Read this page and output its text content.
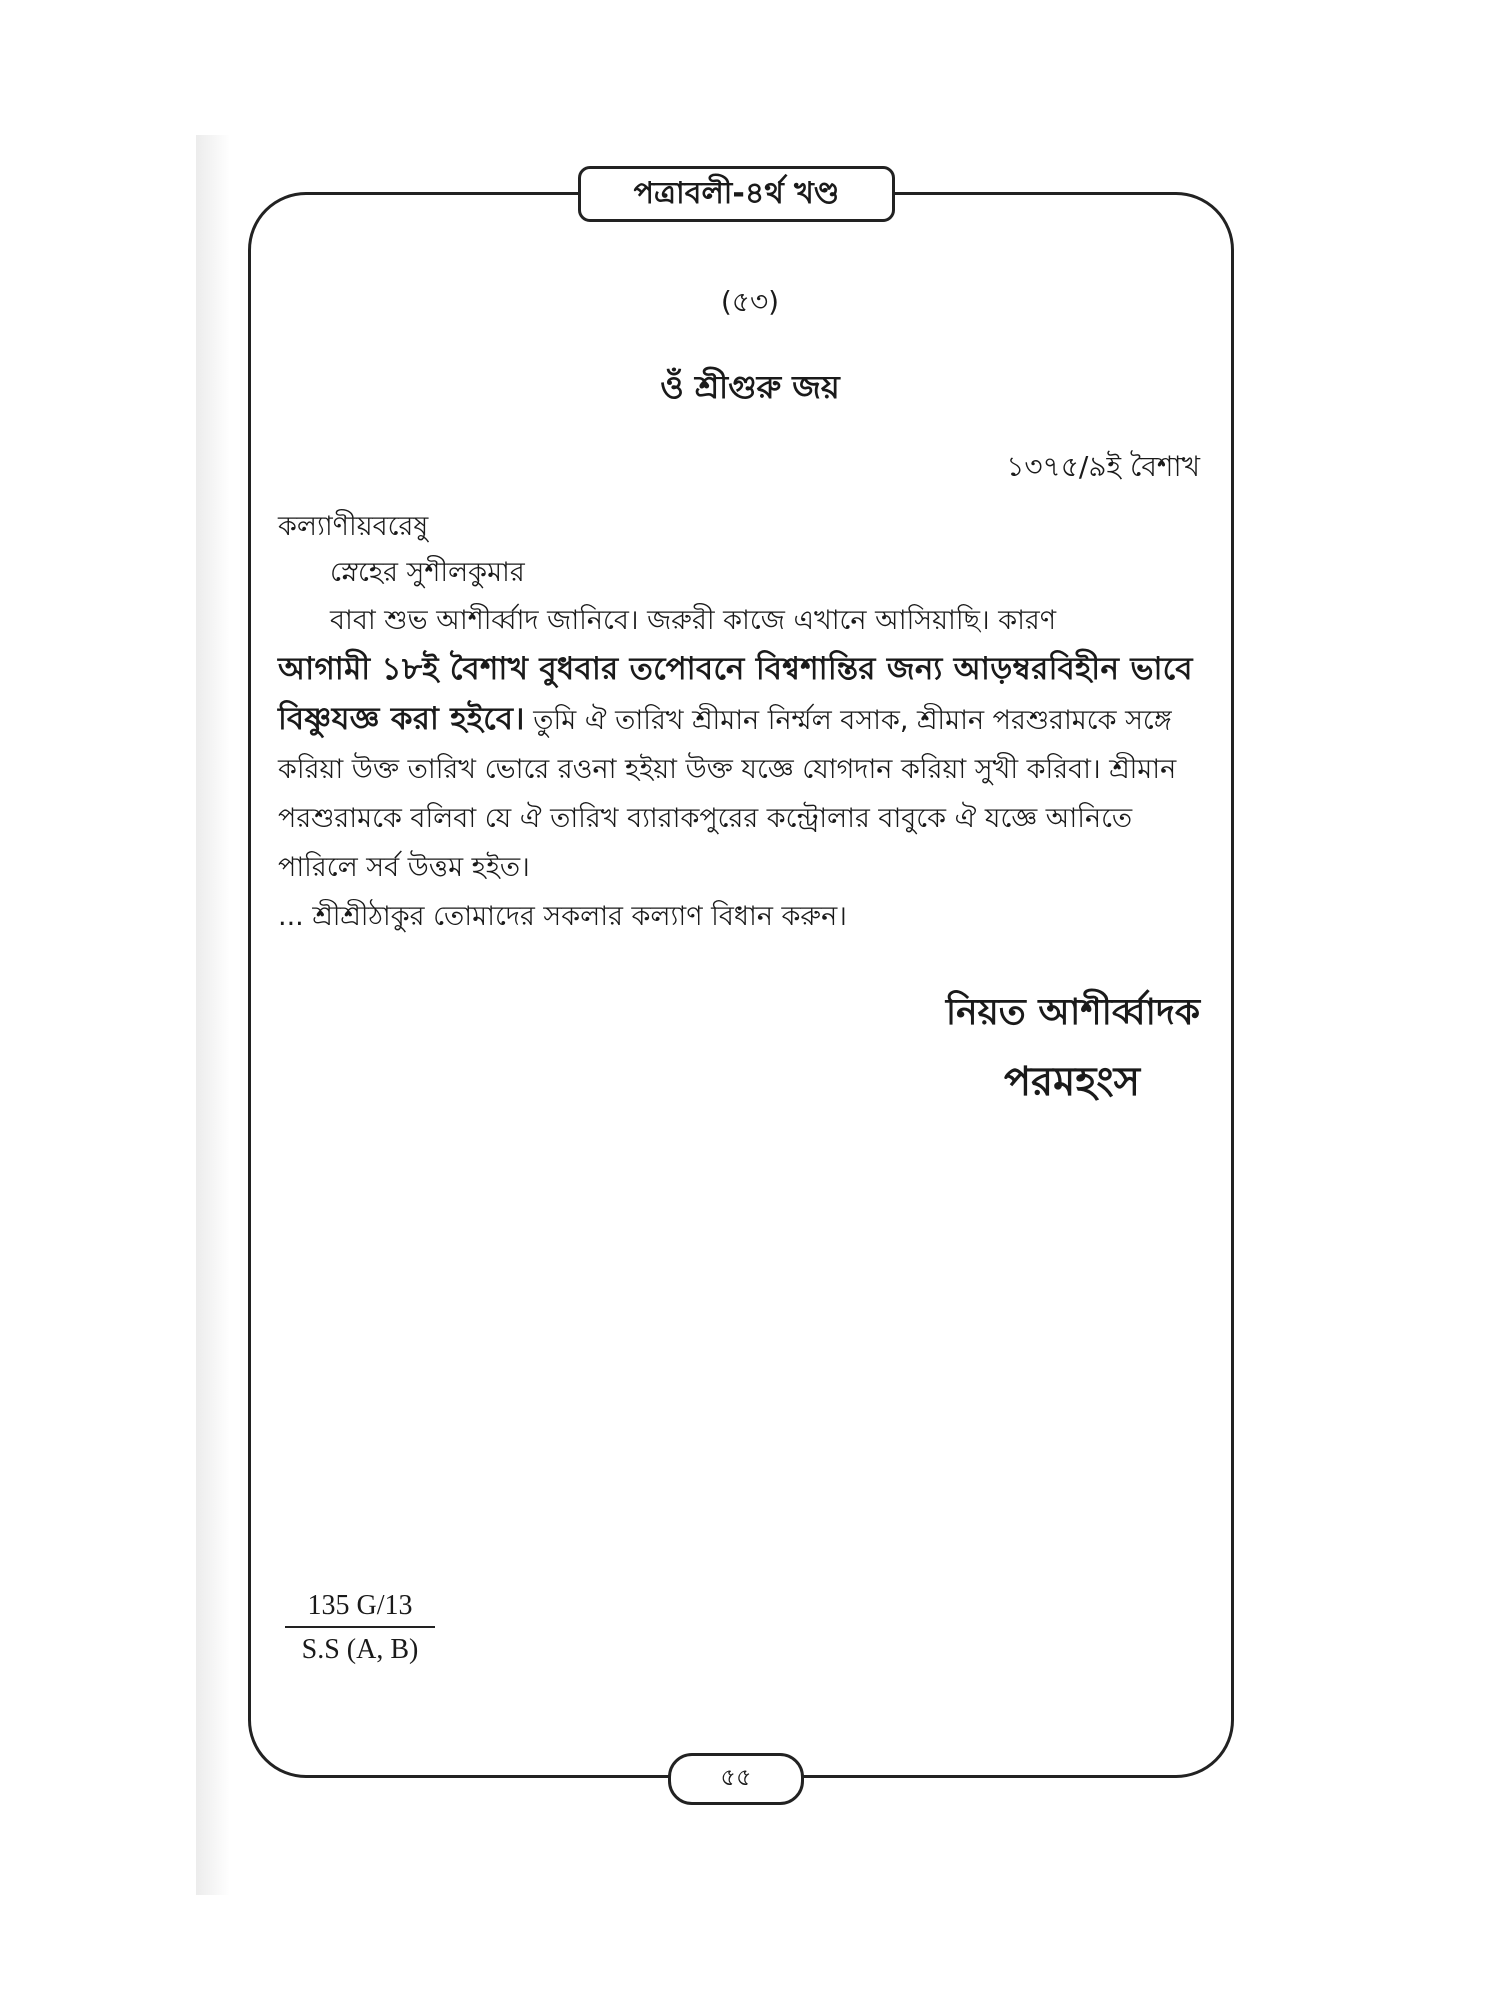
পত্রাবলী-৪র্থ খণ্ড
(৫৩)
ওঁ শ্রীগুরু জয়
১৩৭৫/৯ই বৈশাখ
কল্যাণীয়বরেষু
স্নেহের সুশীলকুমার

বাবা শুভ আশীর্ব্বাদ জানিবে। জরুরী কাজে এখানে আসিয়াছি। কারণ

আগামী ১৮ই বৈশাখ বুধবার তপোবনে বিশ্বশান্তির জন্য আড়ম্বরবিহীন ভাবে বিষ্ণুযজ্ঞ করা হইবে। তুমি ঐ তারিখ শ্রীমান নির্ম্মল বসাক, শ্রীমান পরশুরামকে সঙ্গে করিয়া উক্ত তারিখ ভোরে রওনা হইয়া উক্ত যজ্ঞে যোগদান করিয়া সুখী করিবা। শ্রীমান পরশুরামকে বলিবা যে ঐ তারিখ ব্যারাকপুরের কন্ট্রোলার বাবুকে ঐ যজ্ঞে আনিতে পারিলে সর্ব উত্তম হইত।

... শ্রীশ্রীঠাকুর তোমাদের সকলার কল্যাণ বিধান করুন।

নিয়ত আশীর্ব্বাদক
পরমহংস
135 G/13
S.S (A, B)
৫৫
